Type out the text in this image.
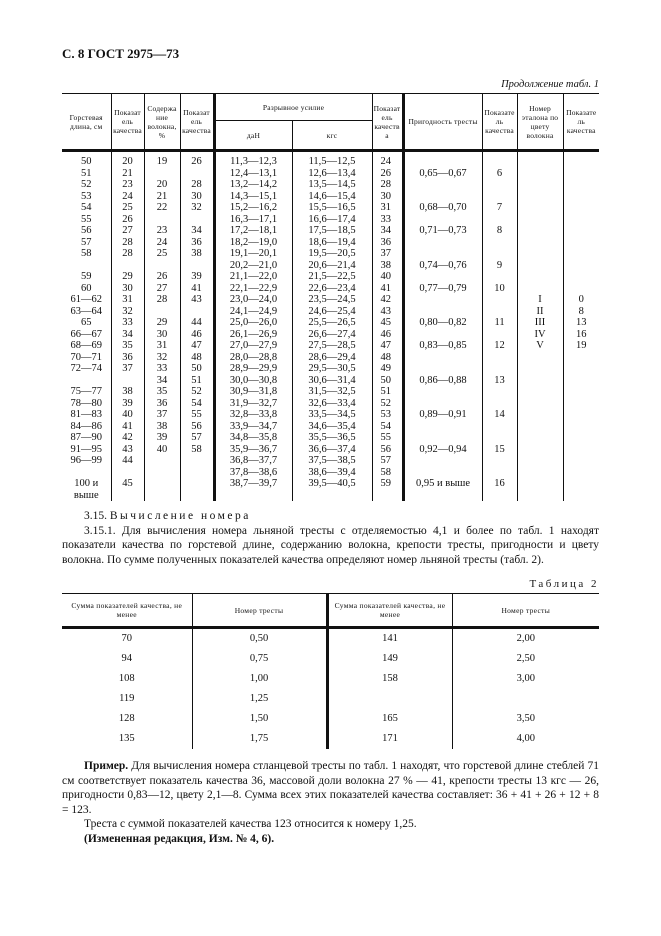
С. 8 ГОСТ 2975—73
Продолжение табл. 1
Горстевая длина, см	Показатель качества	Содержание волокна, %	Показатель качества	Разрывное усилие		Показатель качества	Пригодность тресты	Показатель качества	Номер эталона по цвету волокна	Показатель качества
				даН	кгс					
50	20	19	26	11,3—12,3	11,5—12,5	24				
51	21			12,4—13,1	12,6—13,4	26	0,65—0,67	6		
52	23	20	28	13,2—14,2	13,5—14,5	28				
53	24	21	30	14,3—15,1	14,6—15,4	30				
54	25	22	32	15,2—16,2	15,5—16,5	31	0,68—0,70	7		
55	26			16,3—17,1	16,6—17,4	33				
56	27	23	34	17,2—18,1	17,5—18,5	34	0,71—0,73	8		
57	28	24	36	18,2—19,0	18,6—19,4	36				
58	28	25	38	19,1—20,1	19,5—20,5	37				
				20,2—21,0	20,6—21,4	38	0,74—0,76	9		
59	29	26	39	21,1—22,0	21,5—22,5	40				
60	30	27	41	22,1—22,9	22,6—23,4	41	0,77—0,79	10		
61—62	31	28	43	23,0—24,0	23,5—24,5	42			I	0
63—64	32			24,1—24,9	24,6—25,4	43			II	8
65	33	29	44	25,0—26,0	25,5—26,5	45	0,80—0,82	11	III	13
66—67	34	30	46	26,1—26,9	26,6—27,4	46			IV	16
68—69	35	31	47	27,0—27,9	27,5—28,5	47	0,83—0,85	12	V	19
70—71	36	32	48	28,0—28,8	28,6—29,4	48				
72—74	37	33	50	28,9—29,9	29,5—30,5	49				
		34	51	30,0—30,8	30,6—31,4	50	0,86—0,88	13		
75—77	38	35	52	30,9—31,8	31,5—32,5	51				
78—80	39	36	54	31,9—32,7	32,6—33,4	52				
81—83	40	37	55	32,8—33,8	33,5—34,5	53	0,89—0,91	14		
84—86	41	38	56	33,9—34,7	34,6—35,4	54				
87—90	42	39	57	34,8—35,8	35,5—36,5	55				
91—95	43	40	58	35,9—36,7	36,6—37,4	56	0,92—0,94	15		
96—99	44			36,8—37,7	37,5—38,5	57				
				37,8—38,6	38,6—39,4	58				
100 и	45			38,7—39,7	39,5—40,5	59	0,95 и выше	16		
выше										

3.15. Вычисление номера

3.15.1. Для вычисления номера льняной тресты с отделяемостью 4,1 и более по табл. 1 находят показатели качества по горстевой длине, содержанию волокна, крепости тресты, пригодности и цвету волокна. По сумме полученных показателей качества определяют номер льняной тресты (табл. 2).

Таблица 2
Сумма показателей качества, не менее	Номер тресты	Сумма показателей качества, не менее	Номер тресты
70	0,50	141	2,00
94	0,75	149	2,50
108	1,00	158	3,00
119	1,25		
128	1,50	165	3,50
135	1,75	171	4,00

Пример. Для вычисления номера стланцевой тресты по табл. 1 находят, что горстевой длине стеблей 71 см соответствует показатель качества 36, массовой доли волокна 27 % — 41, крепости тресты 13 кгс — 26, пригодности 0,83—12, цвету 2,1—8. Сумма всех этих показателей качества составляет: 36 + 41 + 26 + 12 + 8 = 123.

Треста с суммой показателей качества 123 относится к номеру 1,25.

(Измененная редакция, Изм. № 4, 6).
